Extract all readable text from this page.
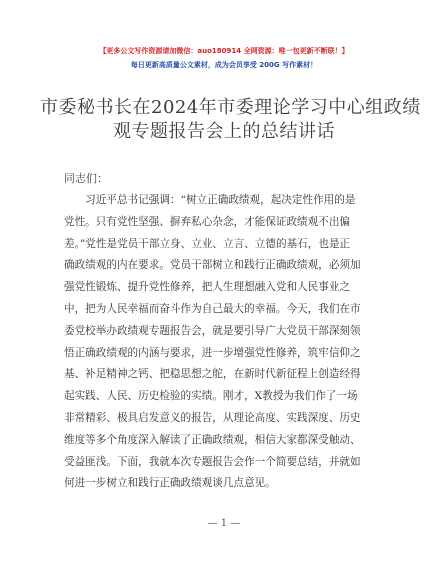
【更多公文写作资源请加微信：auo180914 全网资源：唯一包更新不断联！】
每日更新高质量公文素材，成为会员享受 200G 写作素材！
市委秘书长在2024年市委理论学习中心组政绩
观专题报告会上的总结讲话
同志们：
　　习近平总书记强调：“树立正确政绩观，起决定性作用的是
党性。只有党性坚强、摒弃私心杂念，才能保证政绩观不出偏
差。”党性是党员干部立身、立业、立言、立德的基石，也是正
确政绩观的内在要求。党员干部树立和践行正确政绩观，必须加
强党性锻炼、提升党性修养，把人生理想融入党和人民事业之
中，把为人民幸福而奋斗作为自己最大的幸福。今天，我们在市
委党校举办政绩观专题报告会，就是要引导广大党员干部深刻领
悟正确政绩观的内涵与要求，进一步增强党性修养，筑牢信仰之
基、补足精神之钙、把稳思想之舵，在新时代新征程上创造经得
起实践、人民、历史检验的实绩。刚才，X教授为我们作了一场
非常精彩、极具启发意义的报告，从理论高度、实践深度、历史
维度等多个角度深入解读了正确政绩观，相信大家都深受触动、
受益匪浅。下面，我就本次专题报告会作一个简要总结，并就如
何进一步树立和践行正确政绩观谈几点意见。
— 1 —
